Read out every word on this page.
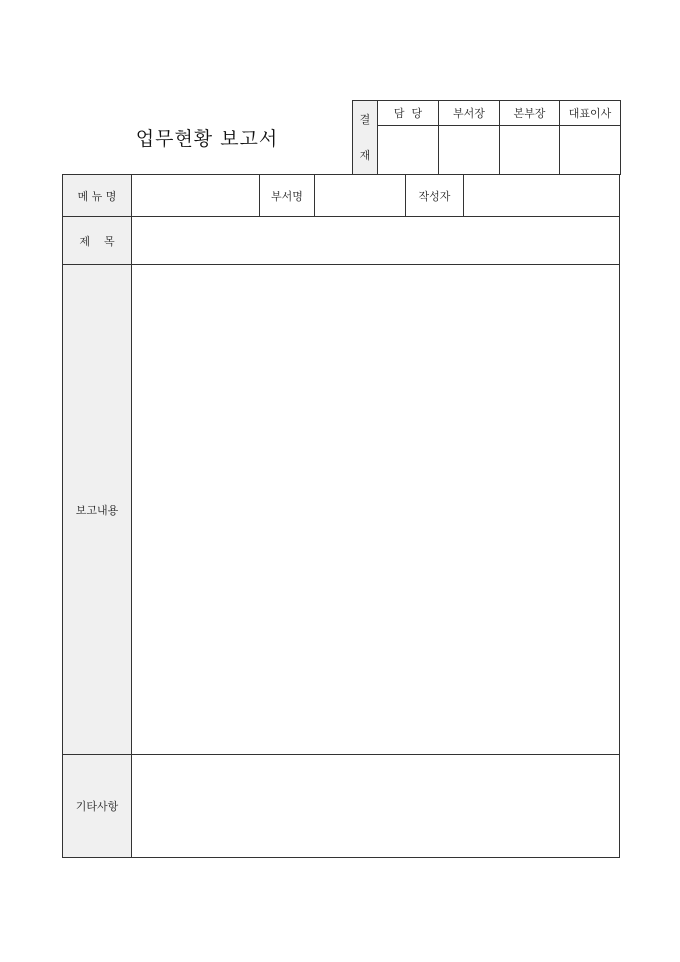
업무현황 보고서
결
재	담  당	부서장	본부장	대표이사

메 뉴 명		부서명		작성자	
제    목					
보고내용					
기타사항					
